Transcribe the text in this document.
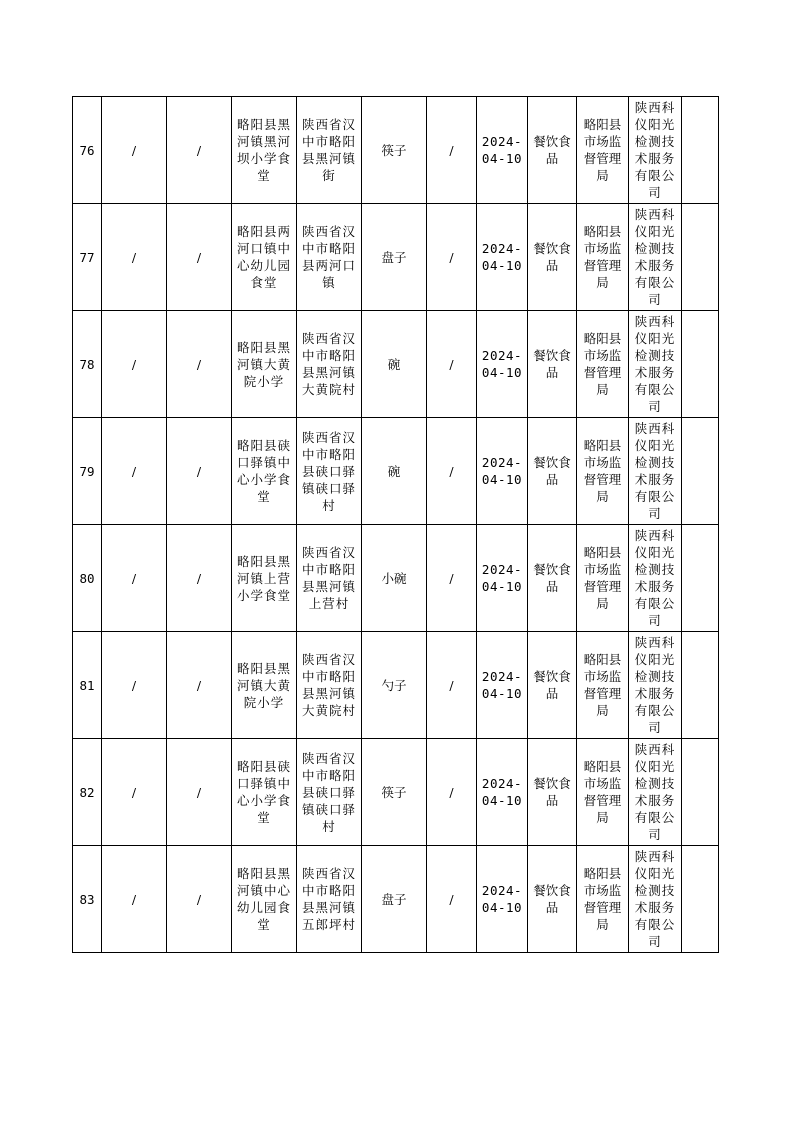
76	/	/	略阳县黑河镇黑河坝小学食堂	陕西省汉中市略阳县黑河镇街	筷子	/	2024-04-10	餐饮食品	略阳县市场监督管理局	陕西科仪阳光检测技术服务有限公司	
77	/	/	略阳县两河口镇中心幼儿园食堂	陕西省汉中市略阳县两河口镇	盘子	/	2024-04-10	餐饮食品	略阳县市场监督管理局	陕西科仪阳光检测技术服务有限公司	
78	/	/	略阳县黑河镇大黄院小学	陕西省汉中市略阳县黑河镇大黄院村	碗	/	2024-04-10	餐饮食品	略阳县市场监督管理局	陕西科仪阳光检测技术服务有限公司	
79	/	/	略阳县硖口驿镇中心小学食堂	陕西省汉中市略阳县硖口驿镇硖口驿村	碗	/	2024-04-10	餐饮食品	略阳县市场监督管理局	陕西科仪阳光检测技术服务有限公司	
80	/	/	略阳县黑河镇上营小学食堂	陕西省汉中市略阳县黑河镇上营村	小碗	/	2024-04-10	餐饮食品	略阳县市场监督管理局	陕西科仪阳光检测技术服务有限公司	
81	/	/	略阳县黑河镇大黄院小学	陕西省汉中市略阳县黑河镇大黄院村	勺子	/	2024-04-10	餐饮食品	略阳县市场监督管理局	陕西科仪阳光检测技术服务有限公司	
82	/	/	略阳县硖口驿镇中心小学食堂	陕西省汉中市略阳县硖口驿镇硖口驿村	筷子	/	2024-04-10	餐饮食品	略阳县市场监督管理局	陕西科仪阳光检测技术服务有限公司	
83	/	/	略阳县黑河镇中心幼儿园食堂	陕西省汉中市略阳县黑河镇五郎坪村	盘子	/	2024-04-10	餐饮食品	略阳县市场监督管理局	陕西科仪阳光检测技术服务有限公司	
